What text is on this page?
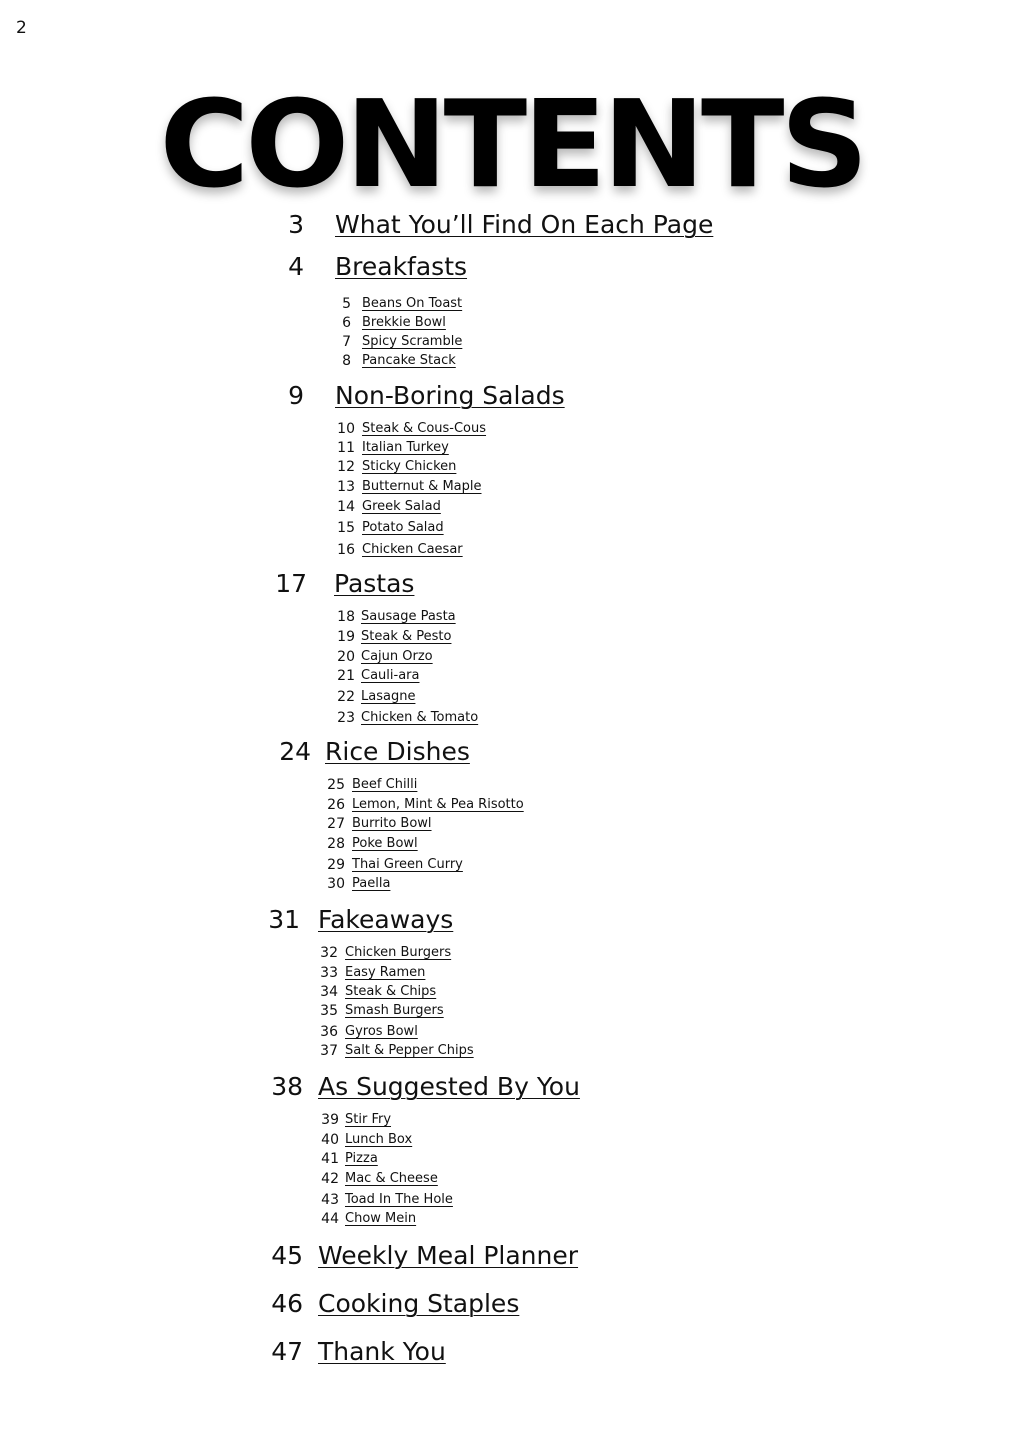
2
CONTENTS
3 What You’ll Find On Each Page
4 Breakfasts
5 Beans On Toast
6 Brekkie Bowl
7 Spicy Scramble
8 Pancake Stack
9 Non-Boring Salads
10 Steak & Cous-Cous
11 Italian Turkey
12 Sticky Chicken
13 Butternut & Maple
14 Greek Salad
15 Potato Salad
16 Chicken Caesar
17 Pastas
18 Sausage Pasta
19 Steak & Pesto
20 Cajun Orzo
21 Cauli-ara
22 Lasagne
23 Chicken & Tomato
24 Rice Dishes
25 Beef Chilli
26 Lemon, Mint & Pea Risotto
27 Burrito Bowl
28 Poke Bowl
29 Thai Green Curry
30 Paella
31 Fakeaways
32 Chicken Burgers
33 Easy Ramen
34 Steak & Chips
35 Smash Burgers
36 Gyros Bowl
37 Salt & Pepper Chips
38 As Suggested By You
39 Stir Fry
40 Lunch Box
41 Pizza
42 Mac & Cheese
43 Toad In The Hole
44 Chow Mein
45 Weekly Meal Planner
46 Cooking Staples
47 Thank You
